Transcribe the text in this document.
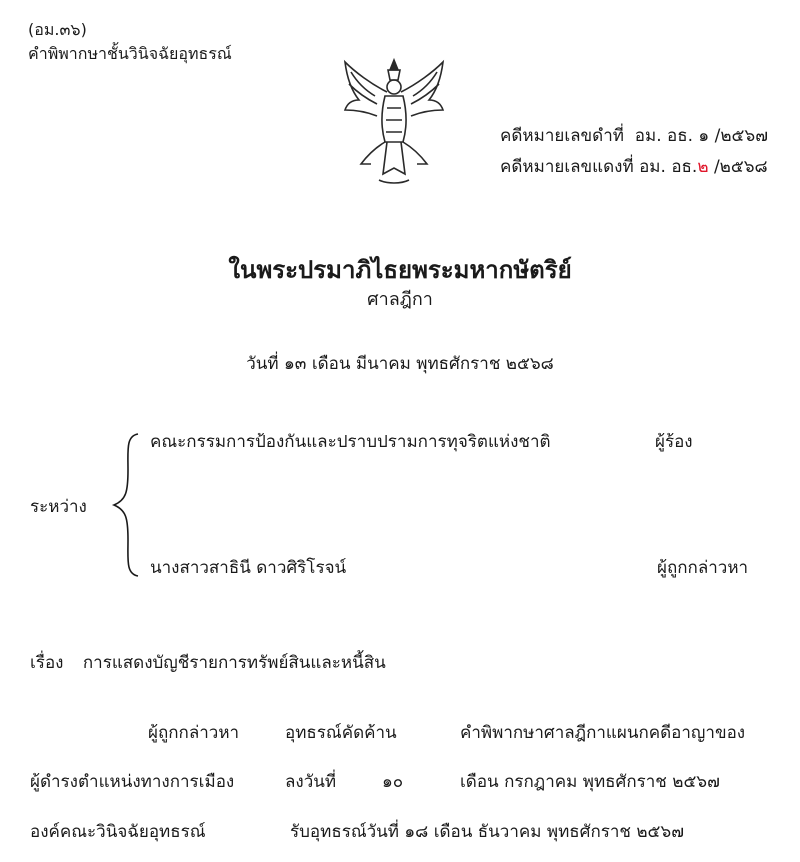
(อม.๓๖)
คำพิพากษาชั้นวินิจฉัยอุทธรณ์
คดีหมายเลขดำที่ อม. อธ. ๑ /๒๕๖๗
คดีหมายเลขแดงที่ อม. อธ.๒ /๒๕๖๘
ในพระปรมาภิไธยพระมหากษัตริย์
ศาลฎีกา
วันที่ ๑๓ เดือน มีนาคม พุทธศักราช ๒๕๖๘
ระหว่าง
คณะกรรมการป้องกันและปราบปรามการทุจริตแห่งชาติ	ผู้ร้อง
นางสาวสาธินี ดาวศิริโรจน์	ผู้ถูกกล่าวหา
เรื่อง การแสดงบัญชีรายการทรัพย์สินและหนี้สิน
ผู้ถูกกล่าวหา	อุทธรณ์คัดค้าน	คำพิพากษาศาลฎีกาแผนกคดีอาญาของ
ผู้ดำรงตำแหน่งทางการเมือง	ลงวันที่	๑๐	เดือน กรกฎาคม พุทธศักราช ๒๕๖๗
องค์คณะวินิจฉัยอุทธรณ์	รับอุทธรณ์วันที่ ๑๘ เดือน ธันวาคม พุทธศักราช ๒๕๖๗
